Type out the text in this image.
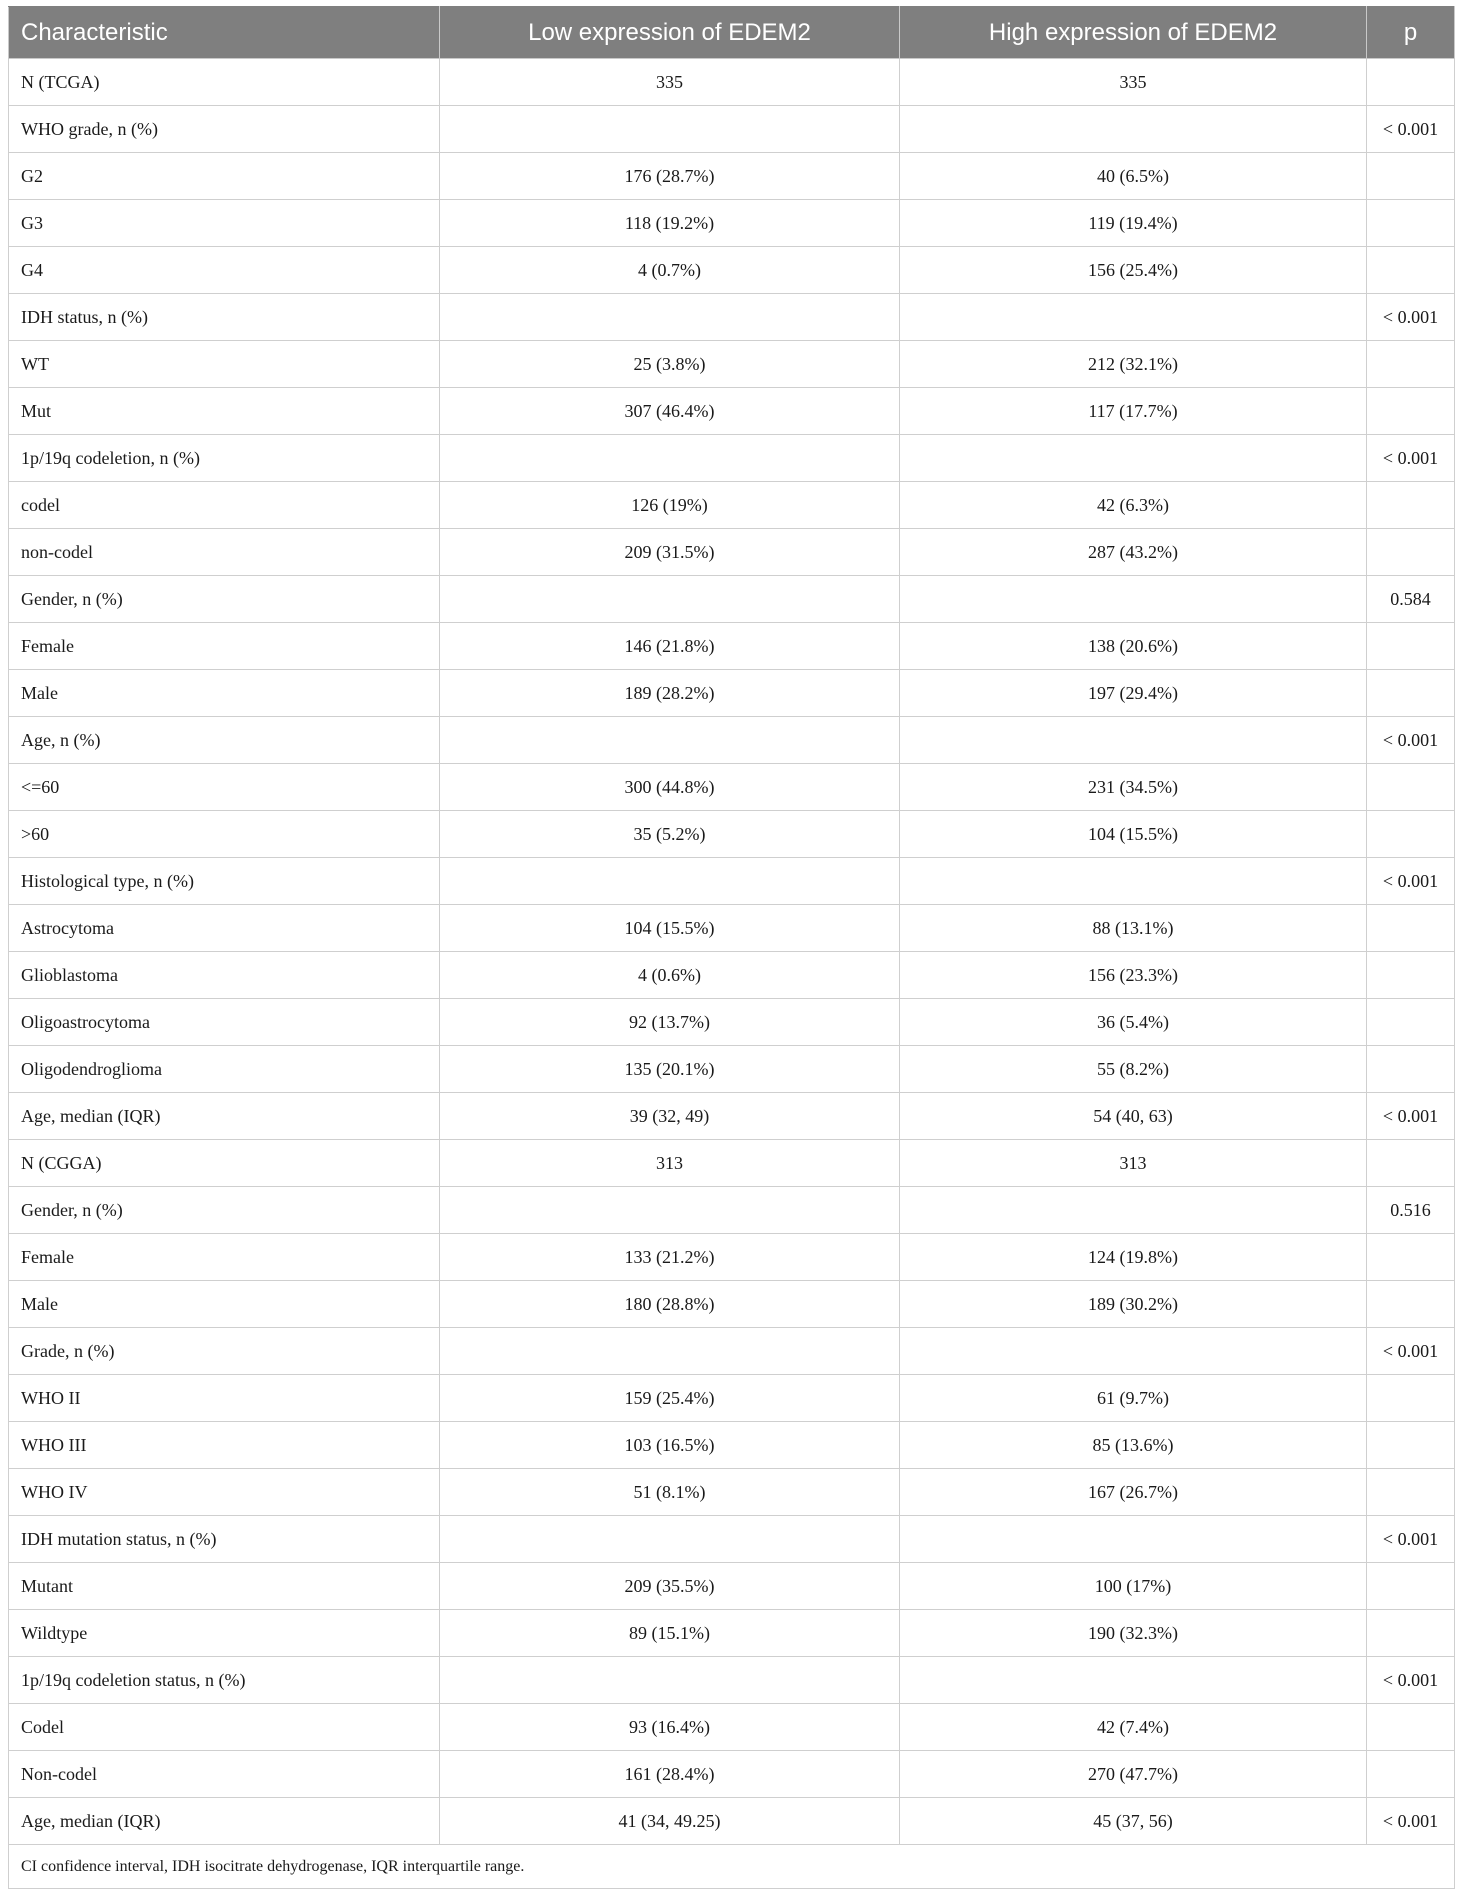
Characteristic	Low expression of EDEM2	High expression of EDEM2	p
N (TCGA)	335	335	
WHO grade, n (%)			< 0.001
G2	176 (28.7%)	40 (6.5%)	
G3	118 (19.2%)	119 (19.4%)	
G4	4 (0.7%)	156 (25.4%)	
IDH status, n (%)			< 0.001
WT	25 (3.8%)	212 (32.1%)	
Mut	307 (46.4%)	117 (17.7%)	
1p/19q codeletion, n (%)			< 0.001
codel	126 (19%)	42 (6.3%)	
non-codel	209 (31.5%)	287 (43.2%)	
Gender, n (%)			0.584
Female	146 (21.8%)	138 (20.6%)	
Male	189 (28.2%)	197 (29.4%)	
Age, n (%)			< 0.001
<=60	300 (44.8%)	231 (34.5%)	
>60	35 (5.2%)	104 (15.5%)	
Histological type, n (%)			< 0.001
Astrocytoma	104 (15.5%)	88 (13.1%)	
Glioblastoma	4 (0.6%)	156 (23.3%)	
Oligoastrocytoma	92 (13.7%)	36 (5.4%)	
Oligodendroglioma	135 (20.1%)	55 (8.2%)	
Age, median (IQR)	39 (32, 49)	54 (40, 63)	< 0.001
N (CGGA)	313	313	
Gender, n (%)			0.516
Female	133 (21.2%)	124 (19.8%)	
Male	180 (28.8%)	189 (30.2%)	
Grade, n (%)			< 0.001
WHO II	159 (25.4%)	61 (9.7%)	
WHO III	103 (16.5%)	85 (13.6%)	
WHO IV	51 (8.1%)	167 (26.7%)	
IDH mutation status, n (%)			< 0.001
Mutant	209 (35.5%)	100 (17%)	
Wildtype	89 (15.1%)	190 (32.3%)	
1p/19q codeletion status, n (%)			< 0.001
Codel	93 (16.4%)	42 (7.4%)	
Non-codel	161 (28.4%)	270 (47.7%)	
Age, median (IQR)	41 (34, 49.25)	45 (37, 56)	< 0.001
CI confidence interval, IDH isocitrate dehydrogenase, IQR interquartile range.			
